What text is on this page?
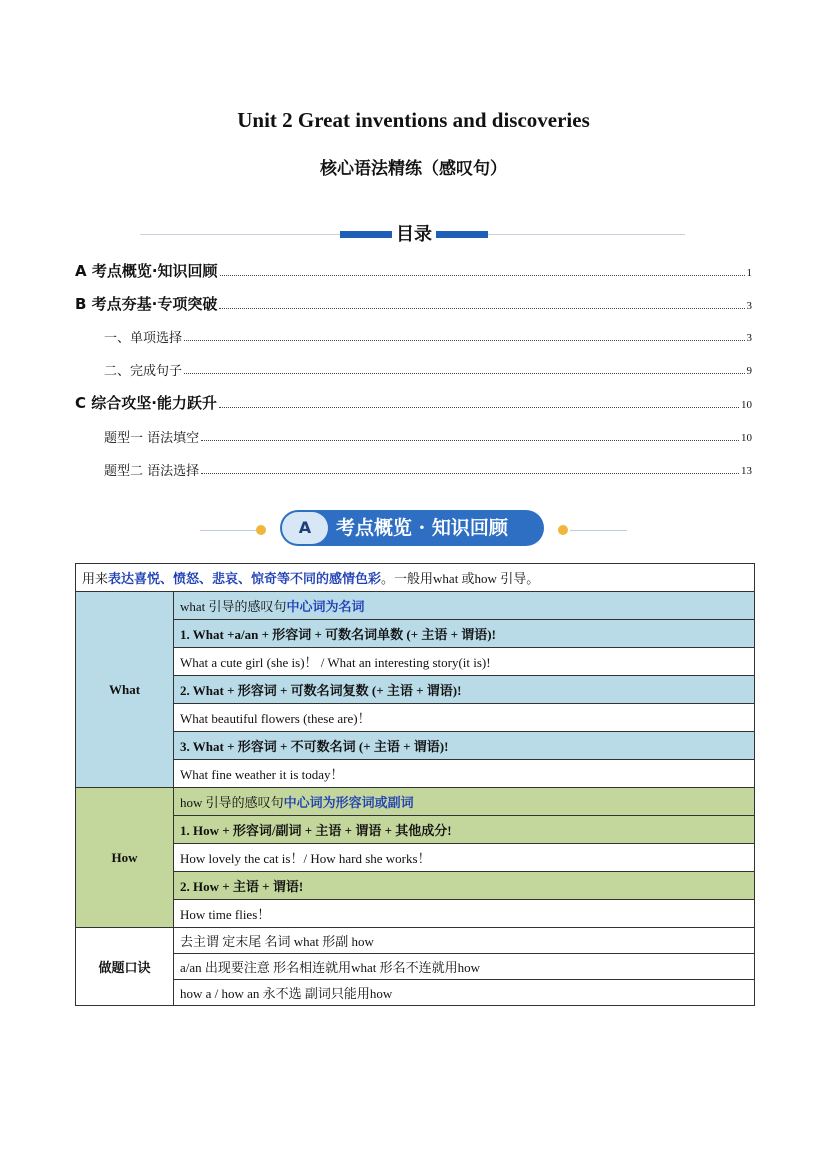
Unit 2 Great inventions and discoveries
核心语法精练（感叹句）
目录
A 考点概览·知识回顾	1
B 考点夯基·专项突破	3
一、单项选择	3
二、完成句子	9
C 综合攻坚·能力跃升	10
题型一 语法填空	10
题型二 语法选择	13
A	考点概览 · 知识回顾
用来表达喜悦、愤怒、悲哀、惊奇等不同的感情色彩。一般用what 或how 引导。	
What	what 引导的感叹句中心词为名词
	1. What +a/an + 形容词 + 可数名词单数 (+ 主语 + 谓语)!
	What a cute girl (she is)！ / What an interesting story(it is)!
	2. What + 形容词 + 可数名词复数 (+ 主语 + 谓语)!
	What beautiful flowers (these are)！
	3. What + 形容词 + 不可数名词 (+ 主语 + 谓语)!
	What fine weather it is today！
How	how 引导的感叹句中心词为形容词或副词
	1. How + 形容词/副词 + 主语 + 谓语 + 其他成分!
	How lovely the cat is！/ How hard she works！
	2. How + 主语 + 谓语!
	How time flies！
做题口诀	去主谓 定末尾 名词 what 形副 how
	a/an 出现要注意 形名相连就用what 形名不连就用how
	how a / how an 永不选 副词只能用how
